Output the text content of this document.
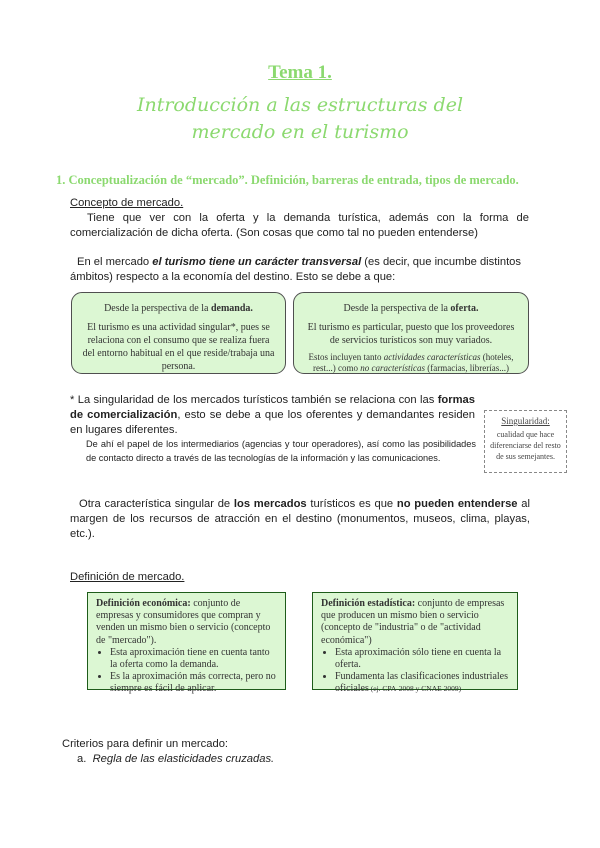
Tema 1.
Introducción a las estructuras del
mercado en el turismo
1. Conceptualización de “mercado”. Definición, barreras de entrada, tipos de mercado.
Concepto de mercado.
Tiene que ver con la oferta y la demanda turística, además con la forma de comercialización de dicha oferta. (Son cosas que como tal no pueden entenderse)
En el mercado el turismo tiene un carácter transversal (es decir, que incumbe distintos ámbitos) respecto a la economía del destino. Esto se debe a que:
Desde la perspectiva de la demanda.
El turismo es una actividad singular*, pues se relaciona con el consumo que se realiza fuera del entorno habitual en el que reside/trabaja una persona.
Desde la perspectiva de la oferta.
El turismo es particular, puesto que los proveedores de servicios turísticos son muy variados.
Estos incluyen tanto actividades características (hoteles, rest...) como no características (farmacias, librerías...)
* La singularidad de los mercados turísticos también se relaciona con las formas de comercialización, esto se debe a que los oferentes y demandantes residen en lugares diferentes.
De ahí el papel de los intermediarios (agencias y tour operadores), así como las posibilidades de contacto directo a través de las tecnologías de la información y las comunicaciones.
Singularidad:
cualidad que hace diferenciarse del resto de sus semejantes.
Otra característica singular de los mercados turísticos es que no pueden entenderse al margen de los recursos de atracción en el destino (monumentos, museos, clima, playas, etc.).
Definición de mercado.
Definición económica: conjunto de empresas y consumidores que compran y venden un mismo bien o servicio (concepto de "mercado").
• Esta aproximación tiene en cuenta tanto la oferta como la demanda.
• Es la aproximación más correcta, pero no siempre es fácil de aplicar.
Definición estadística: conjunto de empresas que producen un mismo bien o servicio (concepto de "industria" o de "actividad económica")
• Esta aproximación sólo tiene en cuenta la oferta.
• Fundamenta las clasificaciones industriales oficiales (ej. CPA-2008 y CNAE 2009)
Criterios para definir un mercado:
a. Regla de las elasticidades cruzadas.
